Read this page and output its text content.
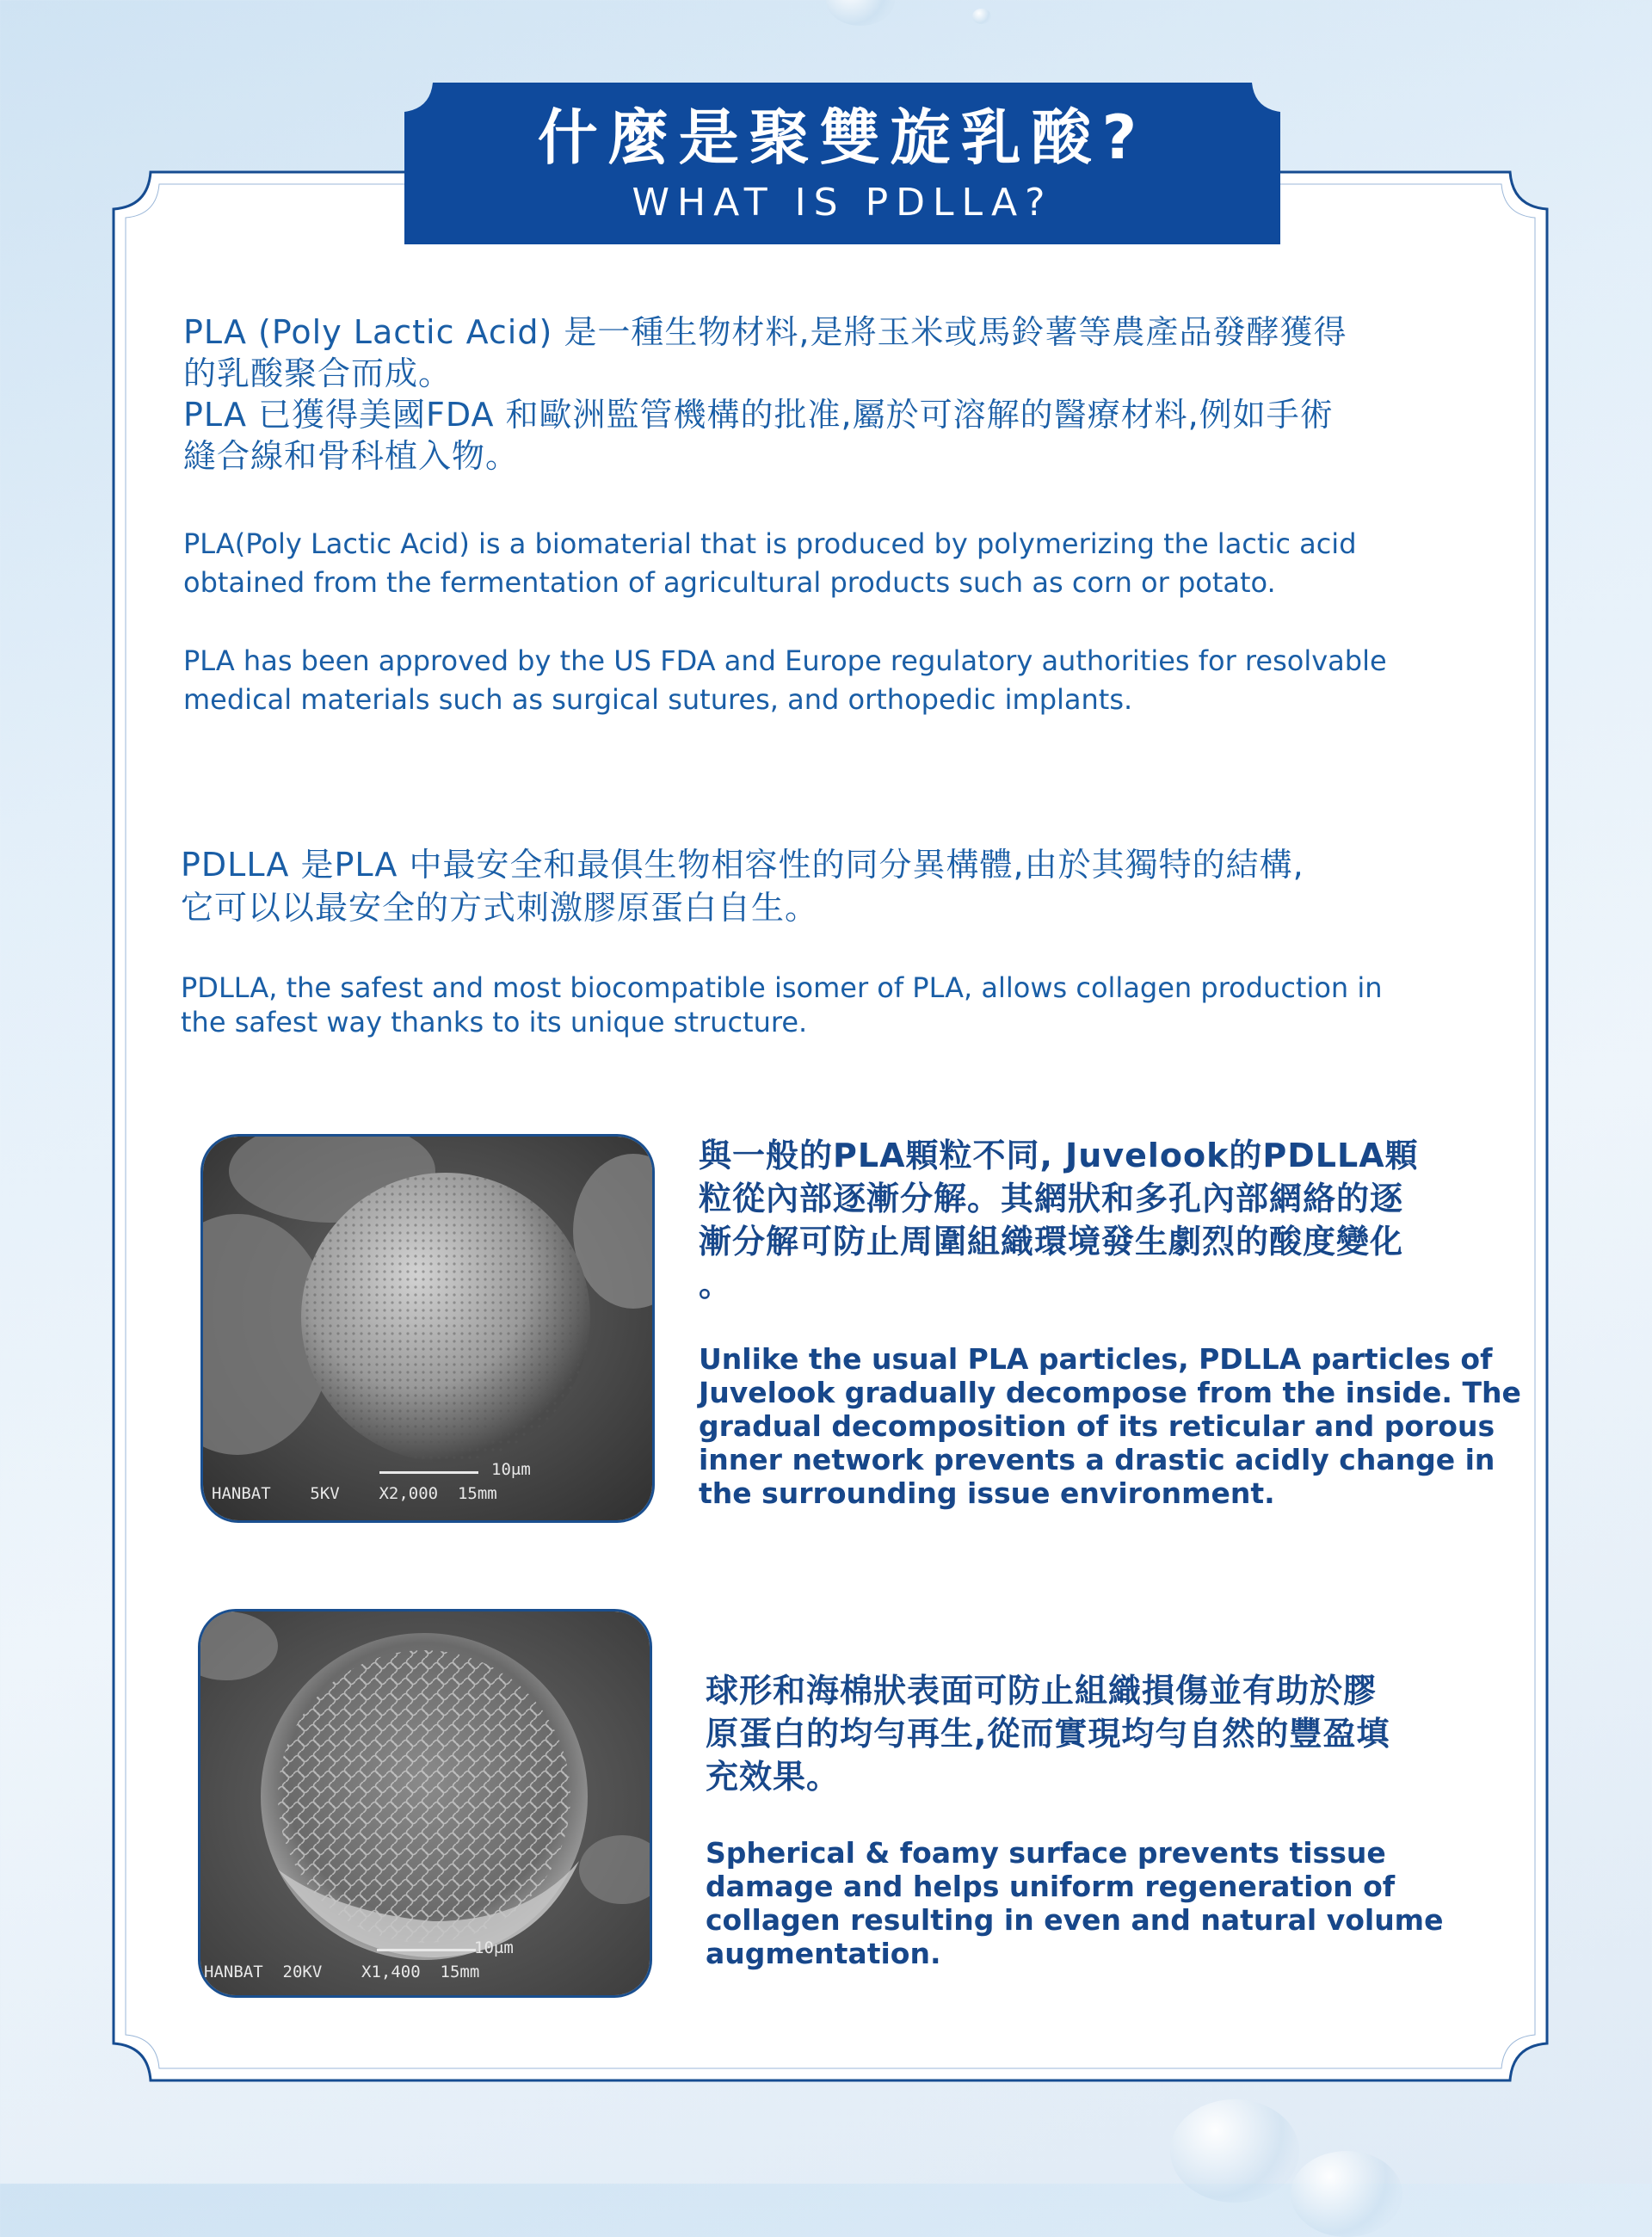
什麼是聚雙旋乳酸?
WHAT IS PDLLA?

PLA (Poly Lactic Acid) 是一種生物材料,是將玉米或馬鈴薯等農產品發酵獲得

的乳酸聚合而成。

PLA 已獲得美國FDA 和歐洲監管機構的批准,屬於可溶解的醫療材料,例如手術

縫合線和骨科植入物。

PLA(Poly Lactic Acid) is a biomaterial that is produced by polymerizing the lactic acid
obtained from the fermentation of agricultural products such as corn or potato.
PLA has been approved by the US FDA and Europe regulatory authorities for resolvable
medical materials such as surgical sutures, and orthopedic implants.
PDLLA 是PLA 中最安全和最俱生物相容性的同分異構體,由於其獨特的結構,
它可以以最安全的方式刺激膠原蛋白自生。
PDLLA, the safest and most biocompatible isomer of PLA, allows collagen production in
the safest way thanks to its unique structure.
10μm
HANBAT    5KV    X2,000  15mm
與一般的PLA顆粒不同, Juvelook的PDLLA顆
粒從內部逐漸分解。其網狀和多孔內部網絡的逐
漸分解可防止周圍組織環境發生劇烈的酸度變化
。
Unlike the usual PLA particles, PDLLA particles of
Juvelook gradually decompose from the inside. The
gradual decomposition of its reticular and porous
inner network prevents a drastic acidly change in
the surrounding issue environment.
10μm
HANBAT  20KV    X1,400  15mm
球形和海棉狀表面可防止組織損傷並有助於膠
原蛋白的均勻再生,從而實現均勻自然的豐盈填
充效果。
Spherical & foamy surface prevents tissue
damage and helps uniform regeneration of
collagen resulting in even and natural volume
augmentation.
